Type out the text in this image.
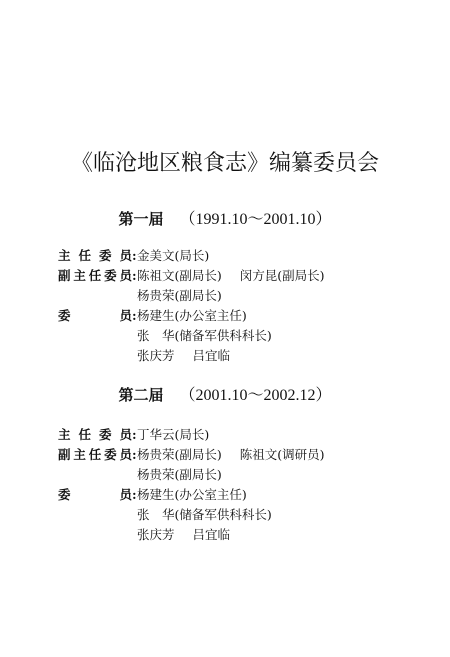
《临沧地区粮食志》编纂委员会
第一届 （1991.10～2001.10）
主任委员:金美文(局长)
副主任委员:陈祖文(副局长) 闵方昆(副局长)
杨贵荣(副局长)
委员:杨建生(办公室主任)
张　华(储备军供科科长)
张庆芳 吕宜临
第二届 （2001.10～2002.12）
主任委员:丁华云(局长)
副主任委员:杨贵荣(副局长) 陈祖文(调研员)
杨贵荣(副局长)
委员:杨建生(办公室主任)
张　华(储备军供科科长)
张庆芳 吕宜临
